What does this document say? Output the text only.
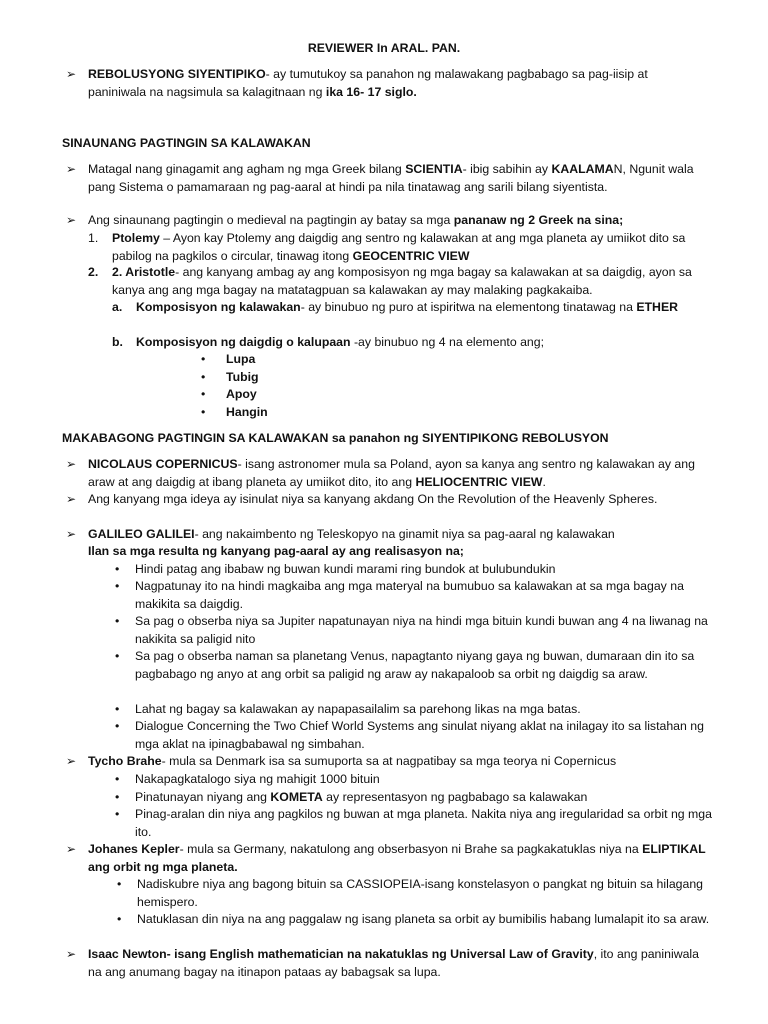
REVIEWER In ARAL. PAN.
➢ REBOLUSYONG SIYENTIPIKO- ay tumutukoy sa panahon ng malawakang pagbabago sa pag-iisip at paniniwala na nagsimula sa kalagitnaan ng ika 16- 17 siglo.
SINAUNANG PAGTINGIN SA KALAWAKAN
➢ Matagal nang ginagamit ang agham ng mga Greek bilang SCIENTIA- ibig sabihin ay KAALAMAN, Ngunit wala pang Sistema o pamamaraan ng pag-aaral at hindi pa nila tinatawag ang sarili bilang siyentista.
➢ Ang sinaunang pagtingin o medieval na pagtingin ay batay sa mga pananaw ng 2 Greek na sina;
1. Ptolemy – Ayon kay Ptolemy ang daigdig ang sentro ng kalawakan at ang mga planeta ay umiikot dito sa pabilog na pagkilos o circular, tinawag itong GEOCENTRIC VIEW
2. 2. Aristotle- ang kanyang ambag ay ang komposisyon ng mga bagay sa kalawakan at sa daigdig, ayon sa kanya ang ang mga bagay na matatagpuan sa kalawakan ay may malaking pagkakaiba.
a. Komposisyon ng kalawakan- ay binubuo ng puro at ispiritwa na elementong tinatawag na ETHER
b. Komposisyon ng daigdig o kalupaan -ay binubuo ng 4 na elemento ang;
• Lupa
• Tubig
• Apoy
• Hangin
MAKABAGONG PAGTINGIN SA KALAWAKAN sa panahon ng SIYENTIPIKONG REBOLUSYON
➢ NICOLAUS COPERNICUS- isang astronomer mula sa Poland, ayon sa kanya ang sentro ng kalawakan ay ang araw at ang daigdig at ibang planeta ay umiikot dito, ito ang HELIOCENTRIC VIEW.
➢ Ang kanyang mga ideya ay isinulat niya sa kanyang akdang On the Revolution of the Heavenly Spheres.
➢ GALILEO GALILEI- ang nakaimbento ng Teleskopyo na ginamit niya sa pag-aaral ng kalawakan
Ilan sa mga resulta ng kanyang pag-aaral ay ang realisasyon na;
• Hindi patag ang ibabaw ng buwan kundi marami ring bundok at bulubundukin
• Nagpatunay ito na hindi magkaiba ang mga materyal na bumubuo sa kalawakan at sa mga bagay na makikita sa daigdig.
• Sa pag o obserba niya sa Jupiter napatunayan niya na hindi mga bituin kundi buwan ang 4 na liwanag na nakikita sa paligid nito
• Sa pag o obserba naman sa planetang Venus, napagtanto niyang gaya ng buwan, dumaraan din ito sa pagbabago ng anyo at ang orbit sa paligid ng araw ay nakapaloob sa orbit ng daigdig sa araw.
• Lahat ng bagay sa kalawakan ay napapasailalim sa parehong likas na mga batas.
• Dialogue Concerning the Two Chief World Systems ang sinulat niyang aklat na inilagay ito sa listahan ng mga aklat na ipinagbabawal ng simbahan.
➢ Tycho Brahe- mula sa Denmark isa sa sumuporta sa at nagpatibay sa mga teorya ni Copernicus
• Nakapagkatalogo siya ng mahigit 1000 bituin
• Pinatunayan niyang ang KOMETA ay representasyon ng pagbabago sa kalawakan
• Pinag-aralan din niya ang pagkilos ng buwan at mga planeta. Nakita niya ang iregularidad sa orbit ng mga ito.
➢ Johanes Kepler- mula sa Germany, nakatulong ang obserbasyon ni Brahe sa pagkakatuklas niya na ELIPTIKAL ang orbit ng mga planeta.
• Nadiskubre niya ang bagong bituin sa CASSIOPEIA-isang konstelasyon o pangkat ng bituin sa hilagang hemispero.
• Natuklasan din niya na ang paggalaw ng isang planeta sa orbit ay bumibilis habang lumalapit ito sa araw.
➢ Isaac Newton- isang English mathematician na nakatuklas ng Universal Law of Gravity, ito ang paniniwala na ang anumang bagay na itinapon pataas ay babagsak sa lupa.
